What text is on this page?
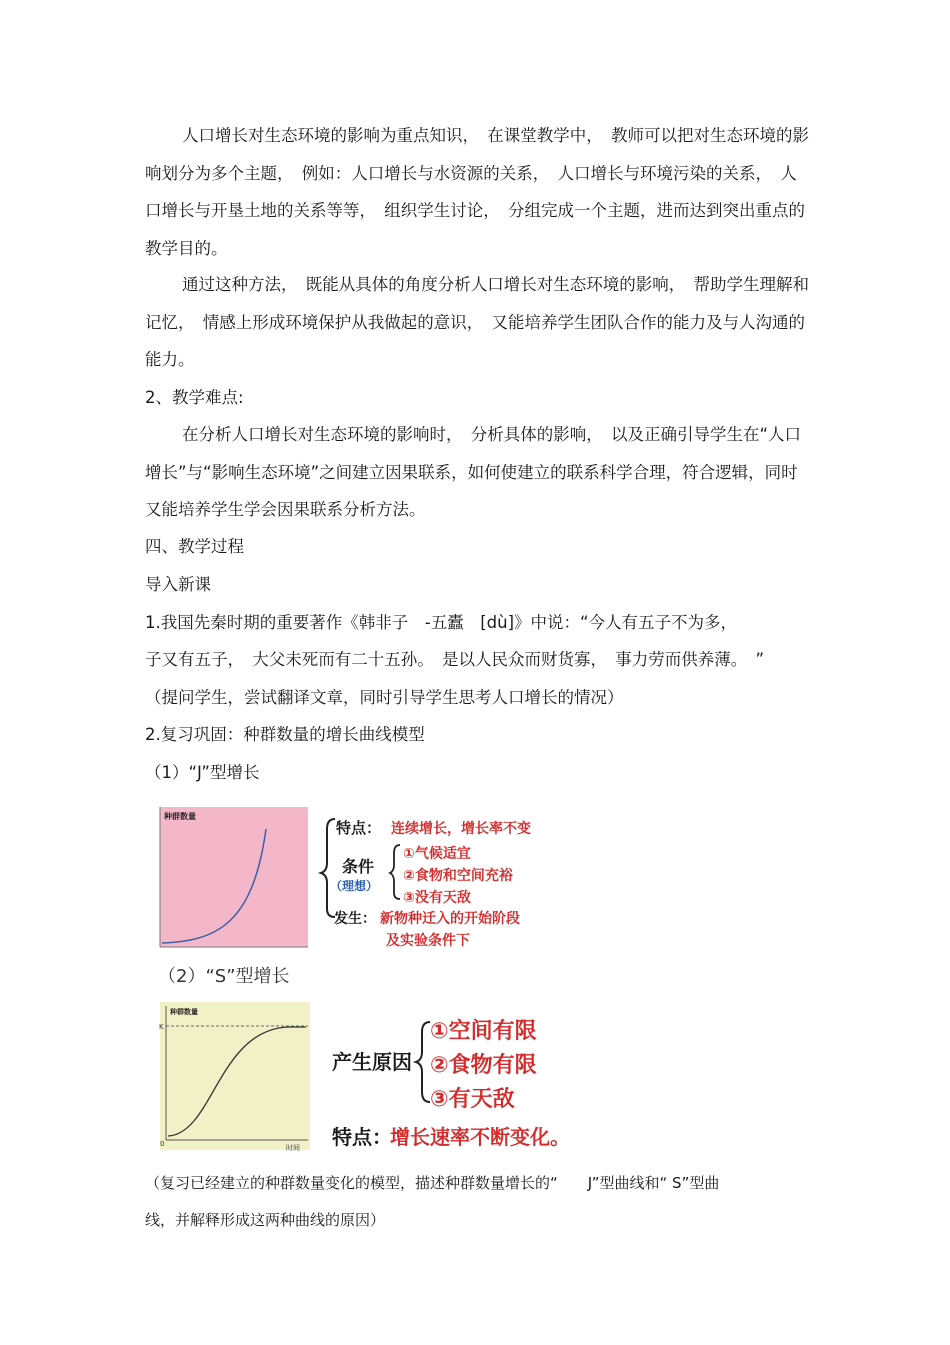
人口增长对生态环境的影响为重点知识，　在课堂教学中，　教师可以把对生态环境的影响划分为多个主题，　例如：人口增长与水资源的关系，　人口增长与环境污染的关系，　人口增长与开垦土地的关系等等，　组织学生讨论，　分组完成一个主题，进而达到突出重点的教学目的。

通过这种方法，　既能从具体的角度分析人口增长对生态环境的影响，　帮助学生理解和记忆，　情感上形成环境保护从我做起的意识，　又能培养学生团队合作的能力及与人沟通的能力。

2、教学难点:

在分析人口增长对生态环境的影响时，　分析具体的影响，　以及正确引导学生在“人口增长”与“影响生态环境”之间建立因果联系，如何使建立的联系科学合理，符合逻辑，同时又能培养学生学会因果联系分析方法。

四、教学过程

导入新课

1.我国先秦时期的重要著作《韩非子　-五蠹　[dù]》中说：“今人有五子不为多，

子又有五子，　大父未死而有二十五孙。　是以人民众而财货寡，　事力劳而供养薄。　”

（提问学生，尝试翻译文章，同时引导学生思考人口增长的情况）

2.复习巩固：种群数量的增长曲线模型

（1）“J”型增长

种群数量
特点： 连续增长，增长率不变
条件
（理想）
①气候适宜
②食物和空间充裕
③没有天敌
发生： 新物种迁入的开始阶段
及实验条件下
（2）“S”型增长
种群数量
K
0	时间
产生原因
①空间有限
②食物有限
③有天敌
特点：
增长速率不断变化。

（复习已经建立的种群数量变化的模型，描述种群数量增长的“　　J”型曲线和“ S”型曲

线，并解释形成这两种曲线的原因）
